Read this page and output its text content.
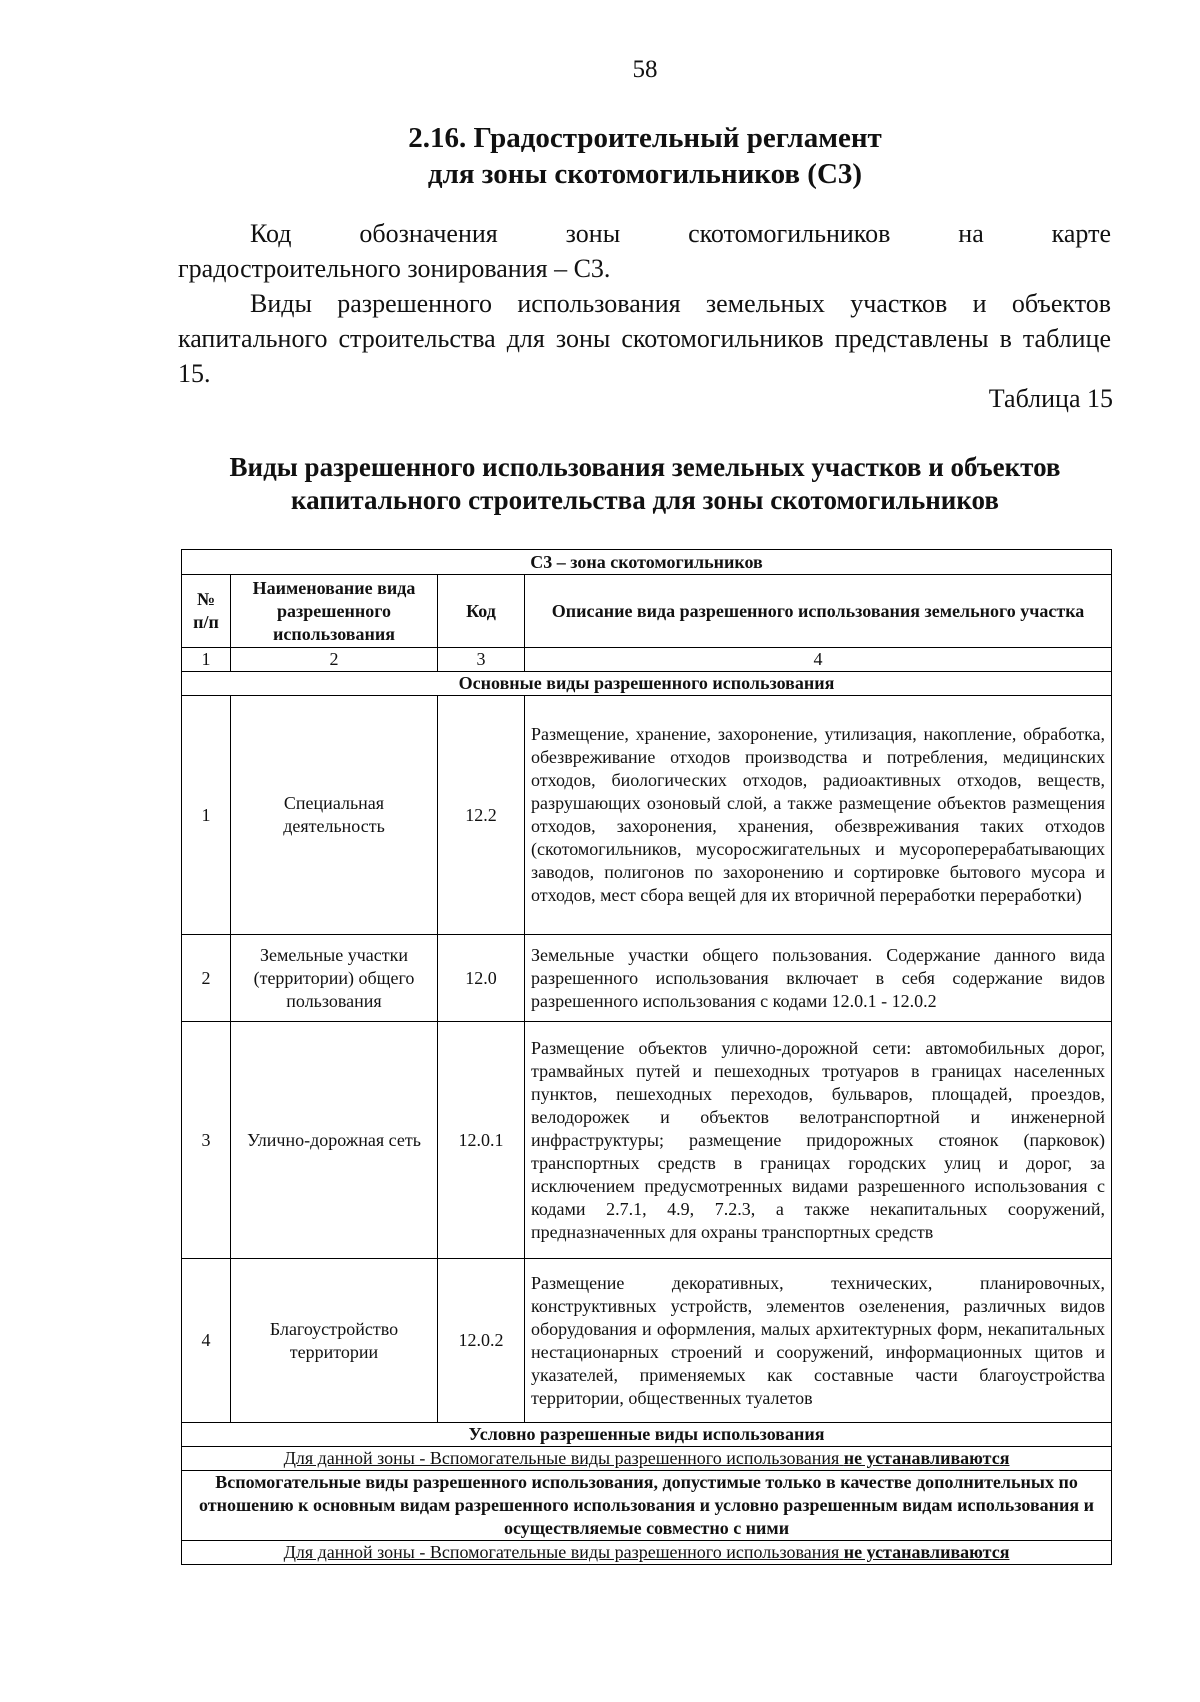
58
2.16. Градостроительный регламент
для зоны скотомогильников (С3)

Код обозначения зоны скотомогильников на карте

градостроительного зонирования – С3.

Виды разрешенного использования земельных участков и объектов капитального строительства для зоны скотомогильников представлены в таблице 15.

Таблица 15
Виды разрешенного использования земельных участков и объектов
капитального строительства для зоны скотомогильников
С3 – зона скотомогильников			
№ п/п	Наименование вида разрешенного использования	Код	Описание вида разрешенного использования земельного участка
1	2	3	4
Основные виды разрешенного использования			
1	Специальная деятельность	12.2	Размещение, хранение, захоронение, утилизация, накопление, обработка, обезвреживание отходов производства и потребления, медицинских отходов, биологических отходов, радиоактивных отходов, веществ, разрушающих озоновый слой, а также размещение объектов размещения отходов, захоронения, хранения, обезвреживания таких отходов (скотомогильников, мусоросжигательных и мусороперерабатывающих заводов, полигонов по захоронению и сортировке бытового мусора и отходов, мест сбора вещей для их вторичной переработки переработки)
2	Земельные участки (территории) общего пользования	12.0	Земельные участки общего пользования. Содержание данного вида разрешенного использования включает в себя содержание видов разрешенного использования с кодами 12.0.1 - 12.0.2
3	Улично-дорожная сеть	12.0.1	Размещение объектов улично-дорожной сети: автомобильных дорог, трамвайных путей и пешеходных тротуаров в границах населенных пунктов, пешеходных переходов, бульваров, площадей, проездов, велодорожек и объектов велотранспортной и инженерной инфраструктуры; размещение придорожных стоянок (парковок) транспортных средств в границах городских улиц и дорог, за исключением предусмотренных видами разрешенного использования с кодами 2.7.1, 4.9, 7.2.3, а также некапитальных сооружений, предназначенных для охраны транспортных средств
4	Благоустройство территории	12.0.2	Размещение декоративных, технических, планировочных, конструктивных устройств, элементов озеленения, различных видов оборудования и оформления, малых архитектурных форм, некапитальных нестационарных строений и сооружений, информационных щитов и указателей, применяемых как составные части благоустройства территории, общественных туалетов
Условно разрешенные виды использования			
Для данной зоны - Вспомогательные виды разрешенного использования не устанавливаются			
Вспомогательные виды разрешенного использования, допустимые только в качестве дополнительных по отношению к основным видам разрешенного использования и условно разрешенным видам использования и осуществляемые совместно с ними			
Для данной зоны - Вспомогательные виды разрешенного использования не устанавливаются			
